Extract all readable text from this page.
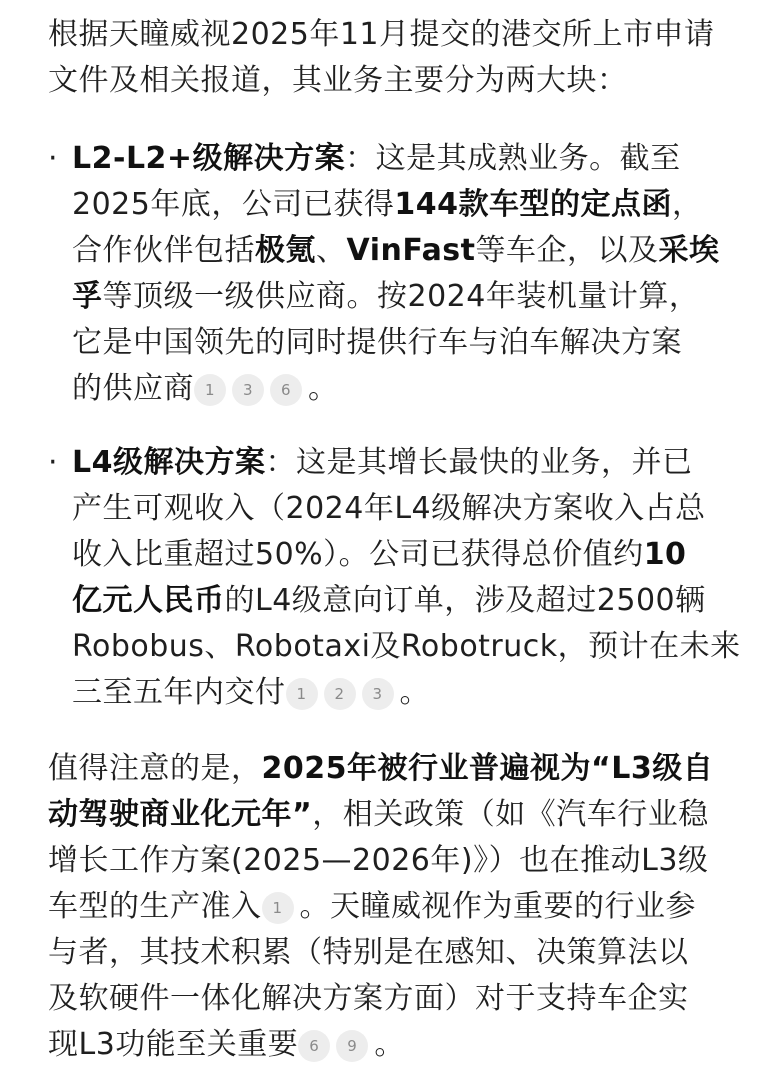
根据天瞳威视2025年11月提交的港交所上市申请
文件及相关报道，其业务主要分为两大块：
· L2-L2+级解决方案：这是其成熟业务。截至
2025年底，公司已获得144款车型的定点函，
合作伙伴包括极氪、VinFast等车企，以及采埃
孚等顶级一级供应商。按2024年装机量计算，
它是中国领先的同时提供行车与泊车解决方案
的供应商 1 3 6 。
· L4级解决方案：这是其增长最快的业务，并已
产生可观收入（2024年L4级解决方案收入占总
收入比重超过50%）。公司已获得总价值约10
亿元人民币的L4级意向订单，涉及超过2500辆
Robobus、Robotaxi及Robotruck，预计在未来
三至五年内交付 1 2 3 。
值得注意的是，2025年被行业普遍视为“L3级自
动驾驶商业化元年”，相关政策（如《汽车行业稳
增长工作方案(2025—2026年)》）也在推动L3级
车型的生产准入 1 。天瞳威视作为重要的行业参
与者，其技术积累（特别是在感知、决策算法以
及软硬件一体化解决方案方面）对于支持车企实
现L3功能至关重要 6 9 。
